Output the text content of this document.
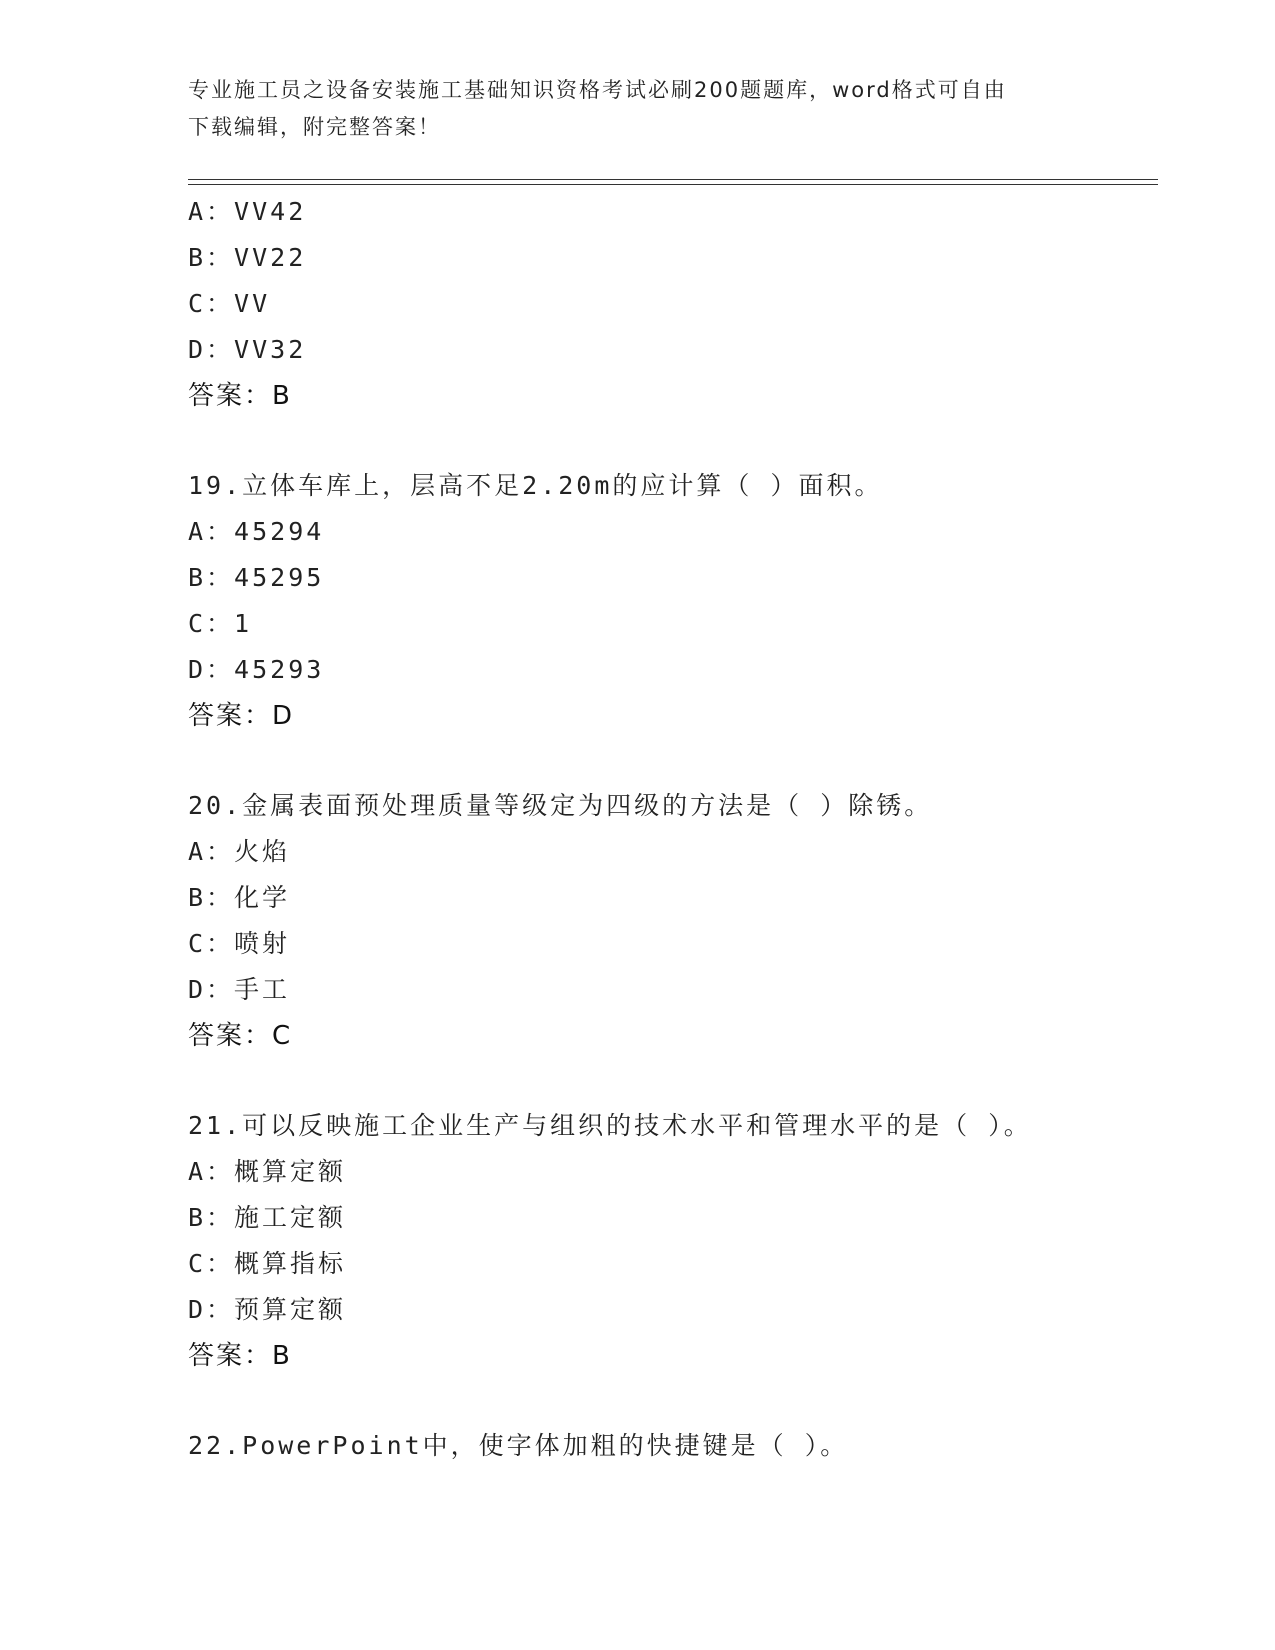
专业施工员之设备安装施工基础知识资格考试必刷200题题库，word格式可自由
下载编辑，附完整答案！
A：VV42
B：VV22
C：VV
D：VV32
答案：B
19.立体车库上，层高不足2.20m的应计算（ ）面积。
A：45294
B：45295
C：1
D：45293
答案：D
20.金属表面预处理质量等级定为四级的方法是（ ）除锈。
A：火焰
B：化学
C：喷射
D：手工
答案：C
21.可以反映施工企业生产与组织的技术水平和管理水平的是（ ）。
A：概算定额
B：施工定额
C：概算指标
D：预算定额
答案：B
22.PowerPoint中，使字体加粗的快捷键是（ ）。
